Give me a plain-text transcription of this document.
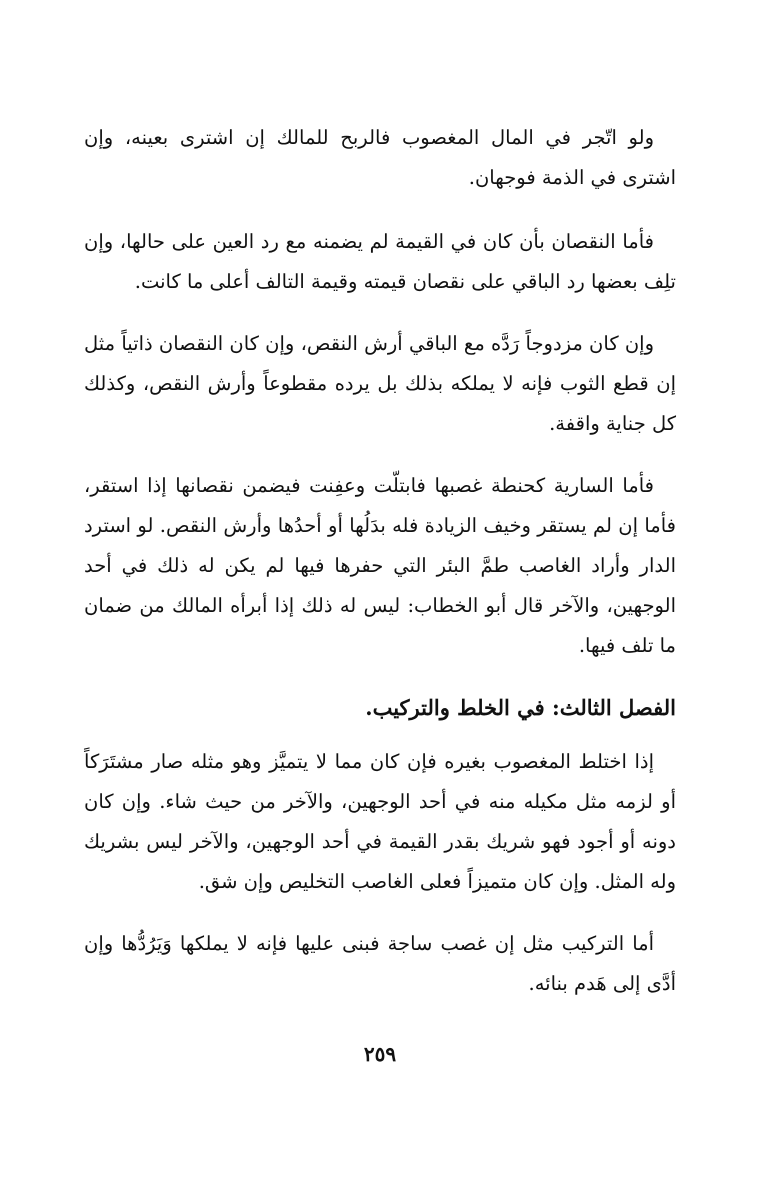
ولو اتّجر في المال المغصوب فالربح للمالك إن اشترى بعينه، وإن اشترى في الذمة فوجهان.

فأما النقصان بأن كان في القيمة لم يضمنه مع رد العين على حالها، وإن تلِف بعضها رد الباقي على نقصان قيمته وقيمة التالف أعلى ما كانت.

وإن كان مزدوجاً رَدَّه مع الباقي أرش النقص، وإن كان النقصان ذاتياً مثل إن قطع الثوب فإنه لا يملكه بذلك بل يرده مقطوعاً وأرش النقص، وكذلك كل جناية واقفة.

فأما السارية كحنطة غصبها فابتلّت وعفِنت فيضمن نقصانها إذا استقر، فأما إن لم يستقر وخيف الزيادة فله بدَلُها أو أحدُها وأرش النقص. لو استرد الدار وأراد الغاصب طمَّ البئر التي حفرها فيها لم يكن له ذلك في أحد الوجهين، والآخر قال أبو الخطاب: ليس له ذلك إذا أبرأه المالك من ضمان ما تلف فيها.

الفصل الثالث: في الخلط والتركيب.

إذا اختلط المغصوب بغيره فإن كان مما لا يتميَّز وهو مثله صار مشتَرَكاً أو لزمه مثل مكيله منه في أحد الوجهين، والآخر من حيث شاء. وإن كان دونه أو أجود فهو شريك بقدر القيمة في أحد الوجهين، والآخر ليس بشريك وله المثل. وإن كان متميزاً فعلى الغاصب التخليص وإن شق.

أما التركيب مثل إن غصب ساجة فبنى عليها فإنه لا يملكها وَيَرُدُّها وإن أدَّى إلى هَدم بنائه.

٢٥٩
